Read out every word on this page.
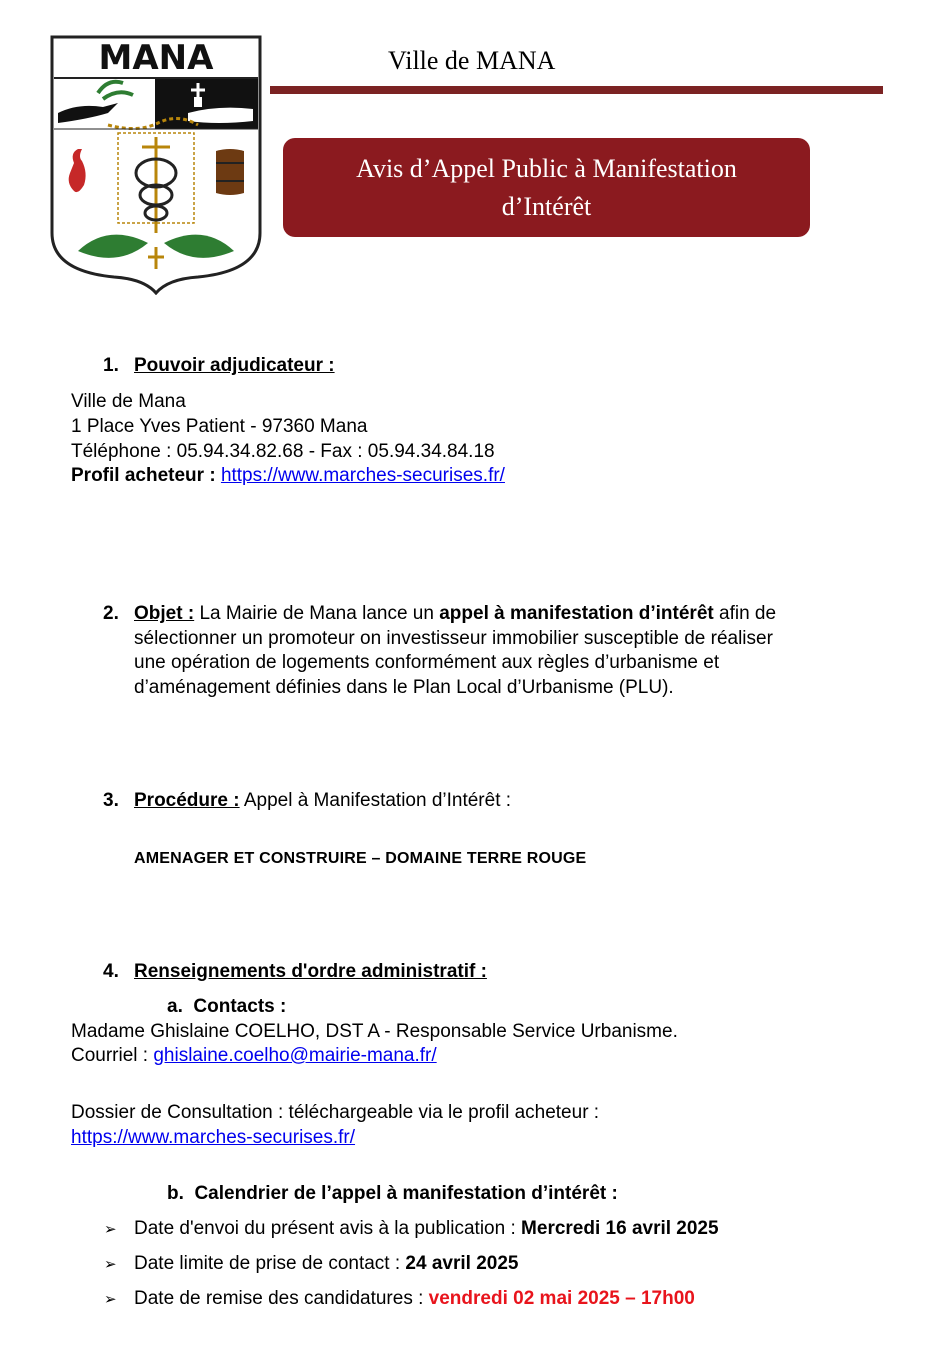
MANA	Ville de MANA
Avis d’Appel Public à Manifestation
d’Intérêt
1. Pouvoir adjudicateur :
Ville de Mana
1 Place Yves Patient - 97360 Mana
Téléphone : 05.94.34.82.68 - Fax : 05.94.34.84.18
Profil acheteur : https://www.marches-securises.fr/
2. Objet : La Mairie de Mana lance un appel à manifestation d’intérêt afin de
sélectionner un promoteur on investisseur immobilier susceptible de réaliser
une opération de logements conformément aux règles d’urbanisme et
d’aménagement définies dans le Plan Local d’Urbanisme (PLU).
3. Procédure : Appel à Manifestation d’Intérêt :
AMENAGER ET CONSTRUIRE – DOMAINE TERRE ROUGE
4. Renseignements d'ordre administratif :
a. Contacts :
Madame Ghislaine COELHO, DST A - Responsable Service Urbanisme.
Courriel : ghislaine.coelho@mairie-mana.fr/
Dossier de Consultation : téléchargeable via le profil acheteur :
https://www.marches-securises.fr/
b. Calendrier de l’appel à manifestation d’intérêt :
➢ Date d'envoi du présent avis à la publication : Mercredi 16 avril 2025
➢ Date limite de prise de contact : 24 avril 2025
➢ Date de remise des candidatures : vendredi 02 mai 2025 – 17h00
